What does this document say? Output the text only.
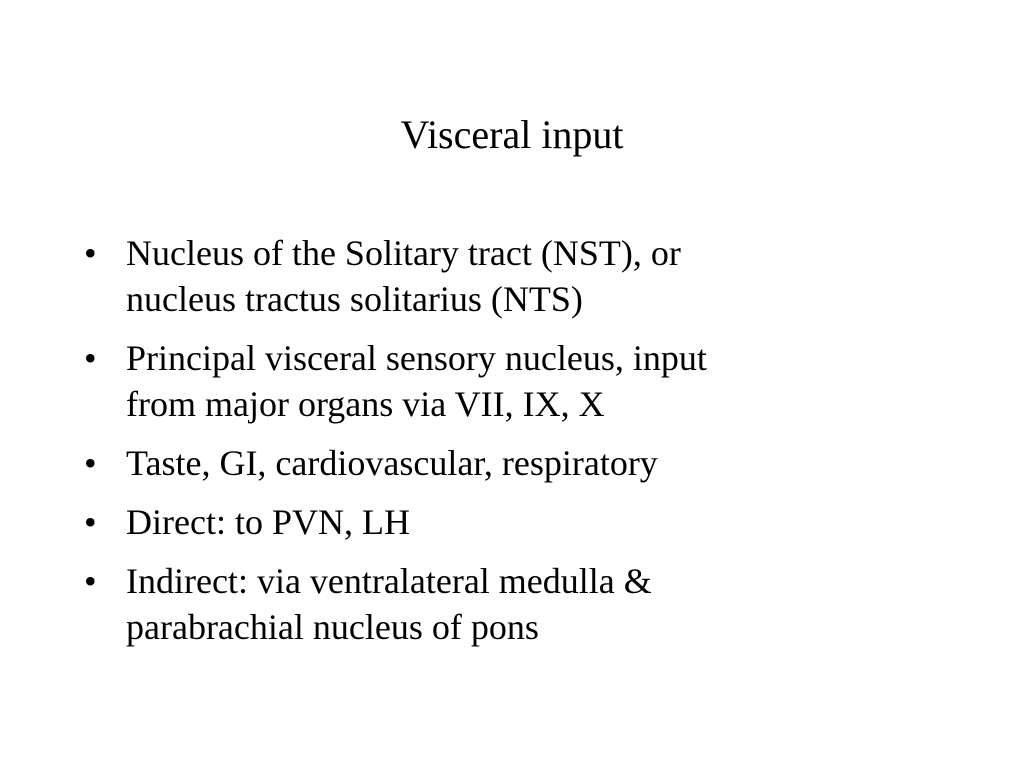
Visceral input
• Nucleus of the Solitary tract (NST), or
nucleus tractus solitarius (NTS)
• Principal visceral sensory nucleus, input
from major organs via VII, IX, X
• Taste, GI, cardiovascular, respiratory
• Direct: to PVN, LH
• Indirect: via ventralateral medulla &
parabrachial nucleus of pons
